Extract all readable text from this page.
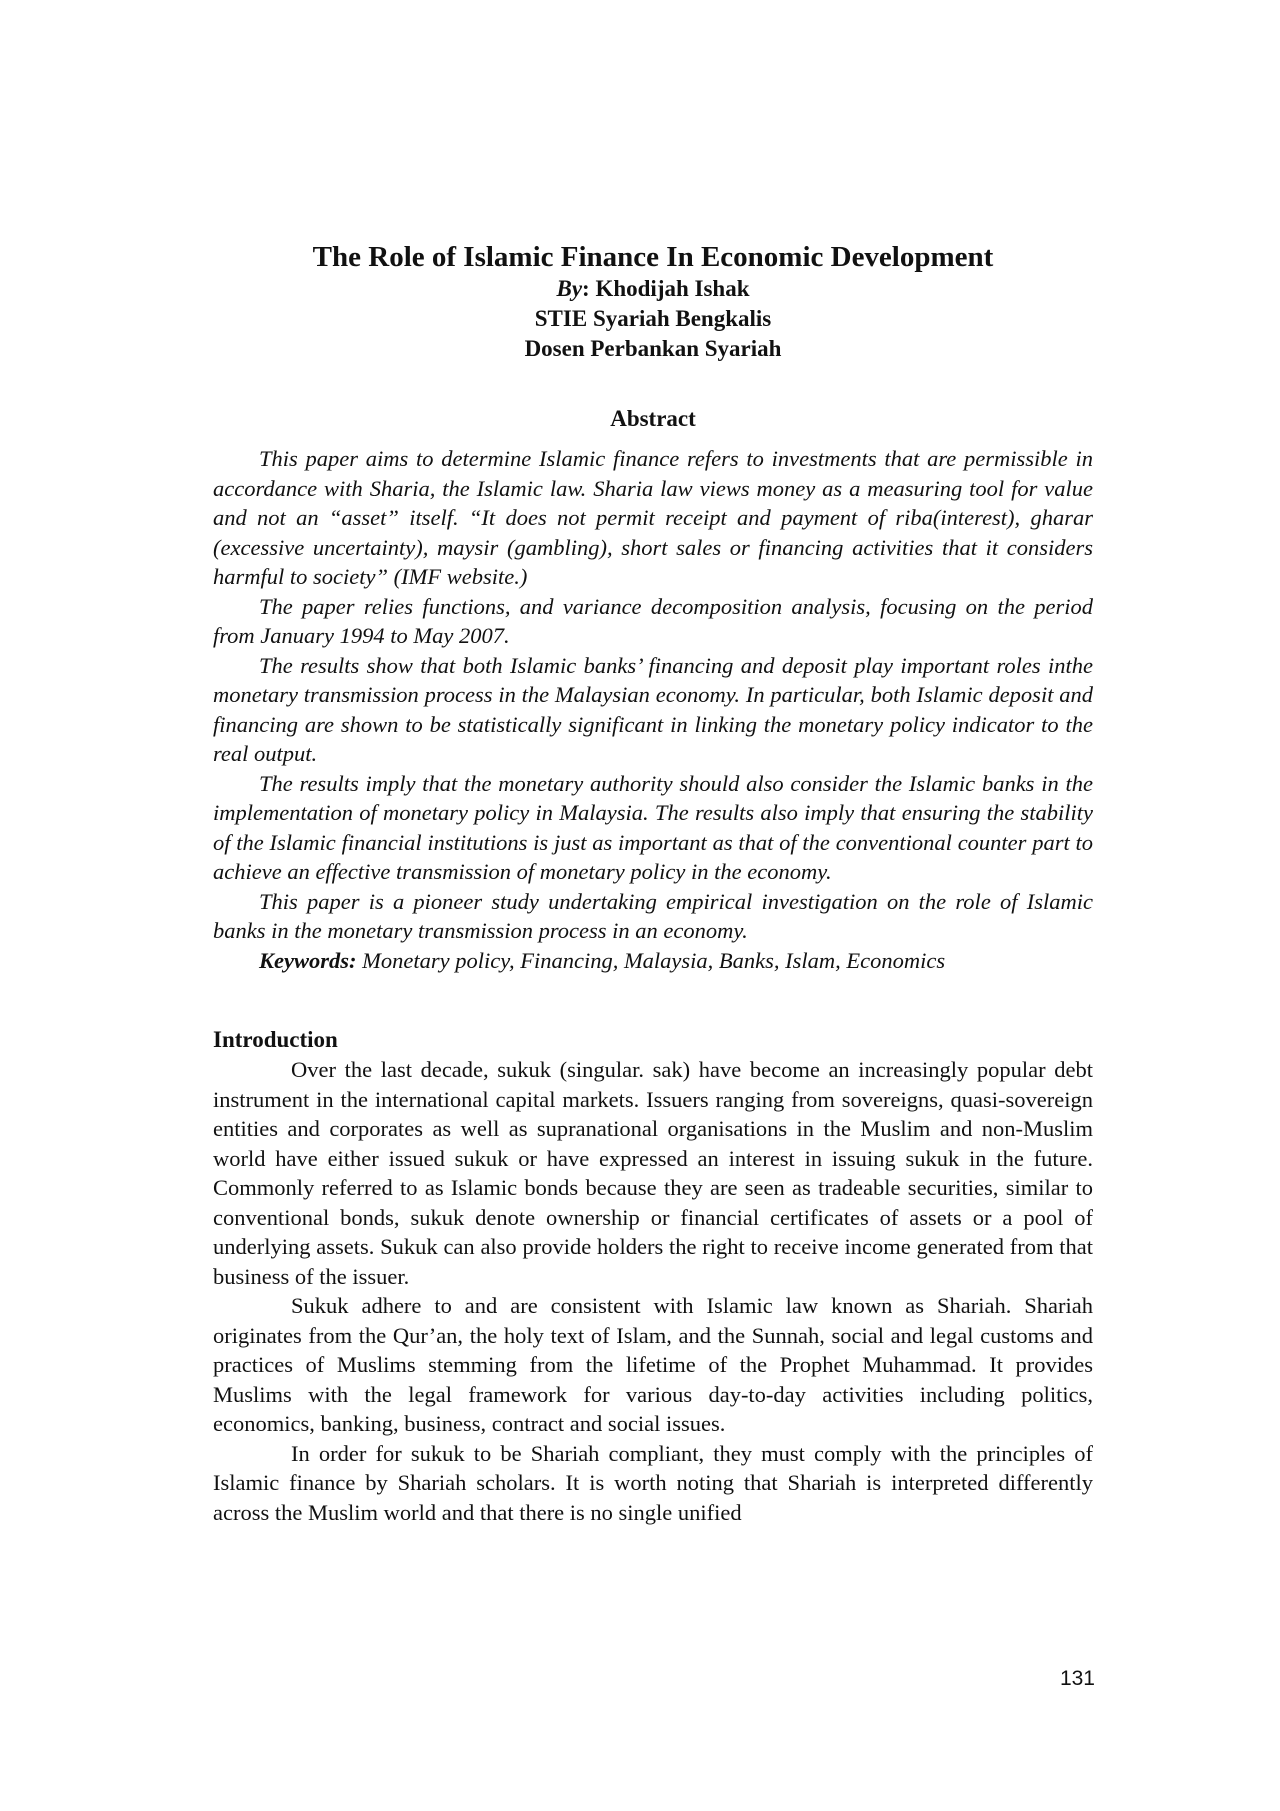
The Role of Islamic Finance In Economic Development

By: Khodijah Ishak

STIE Syariah Bengkalis

Dosen Perbankan Syariah

Abstract

This paper aims to determine Islamic finance refers to investments that are permissible in accordance with Sharia, the Islamic law. Sharia law views money as a measuring tool for value and not an “asset” itself. “It does not permit receipt and payment of riba(interest), gharar (excessive uncertainty), maysir (gambling), short sales or financing activities that it considers harmful to society” (IMF website.)

The paper relies functions, and variance decomposition analysis, focusing on the period from January 1994 to May 2007.

The results show that both Islamic banks’ financing and deposit play important roles inthe monetary transmission process in the Malaysian economy. In particular, both Islamic deposit and financing are shown to be statistically significant in linking the monetary policy indicator to the real output.

The results imply that the monetary authority should also consider the Islamic banks in the implementation of monetary policy in Malaysia. The results also imply that ensuring the stability of the Islamic financial institutions is just as important as that of the conventional counter part to achieve an effective transmission of monetary policy in the economy.

This paper is a pioneer study undertaking empirical investigation on the role of Islamic banks in the monetary transmission process in an economy.

Keywords: Monetary policy, Financing, Malaysia, Banks, Islam, Economics

Introduction

Over the last decade, sukuk (singular. sak) have become an increasingly popular debt instrument in the international capital markets. Issuers ranging from sovereigns, quasi-sovereign entities and corporates as well as supranational organisations in the Muslim and non-Muslim world have either issued sukuk or have expressed an interest in issuing sukuk in the future. Commonly referred to as Islamic bonds because they are seen as tradeable securities, similar to conventional bonds, sukuk denote ownership or financial certificates of assets or a pool of underlying assets. Sukuk can also provide holders the right to receive income generated from that business of the issuer.

Sukuk adhere to and are consistent with Islamic law known as Shariah. Shariah originates from the Qur’an, the holy text of Islam, and the Sunnah, social and legal customs and practices of Muslims stemming from the lifetime of the Prophet Muhammad. It provides Muslims with the legal framework for various day-to-day activities including politics, economics, banking, business, contract and social issues.

In order for sukuk to be Shariah compliant, they must comply with the principles of Islamic finance by Shariah scholars. It is worth noting that Shariah is interpreted differently across the Muslim world and that there is no single unified

131
